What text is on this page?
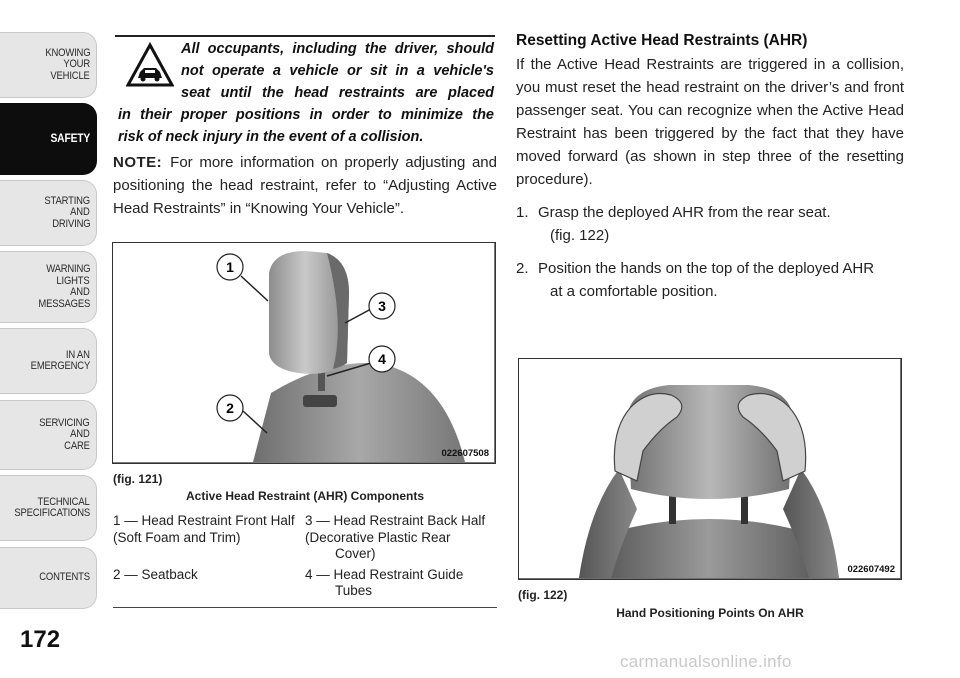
KNOWING
YOUR
VEHICLE
SAFETY
STARTING
AND
DRIVING
WARNING
LIGHTS
AND
MESSAGES
IN AN
EMERGENCY
SERVICING
AND
CARE
TECHNICAL
SPECIFICATIONS
CONTENTS
172
All occupants, including the driver, should
not operate a vehicle or sit in a vehicle's
seat until the head restraints are placed
in their proper positions in order to minimize the
risk of neck injury in the event of a collision.
NOTE: For more information on properly adjusting and positioning the head restraint, refer to “Adjusting Active Head Restraints” in “Knowing Your Vehicle”.
1
3
4
2
022607508
(fig. 121)
Active Head Restraint (AHR) Components
1 — Head Restraint Front Half (Soft Foam and Trim)
3 — Head Restraint Back Half (Decorative Plastic Rear
Cover)
2 — Seatback	4 — Head Restraint Guide
Tubes
Resetting Active Head Restraints (AHR)

If the Active Head Restraints are triggered in a collision, you must reset the head restraint on the driver’s and front passenger seat. You can recognize when the Active Head Restraint has been triggered by the fact that they have moved forward (as shown in step three of the resetting procedure).

1. Grasp the deployed AHR from the rear seat.
(fig. 122)
2. Position the hands on the top of the deployed AHR
at a comfortable position.
022607492
(fig. 122)
Hand Positioning Points On AHR
carmanualsonline.info
